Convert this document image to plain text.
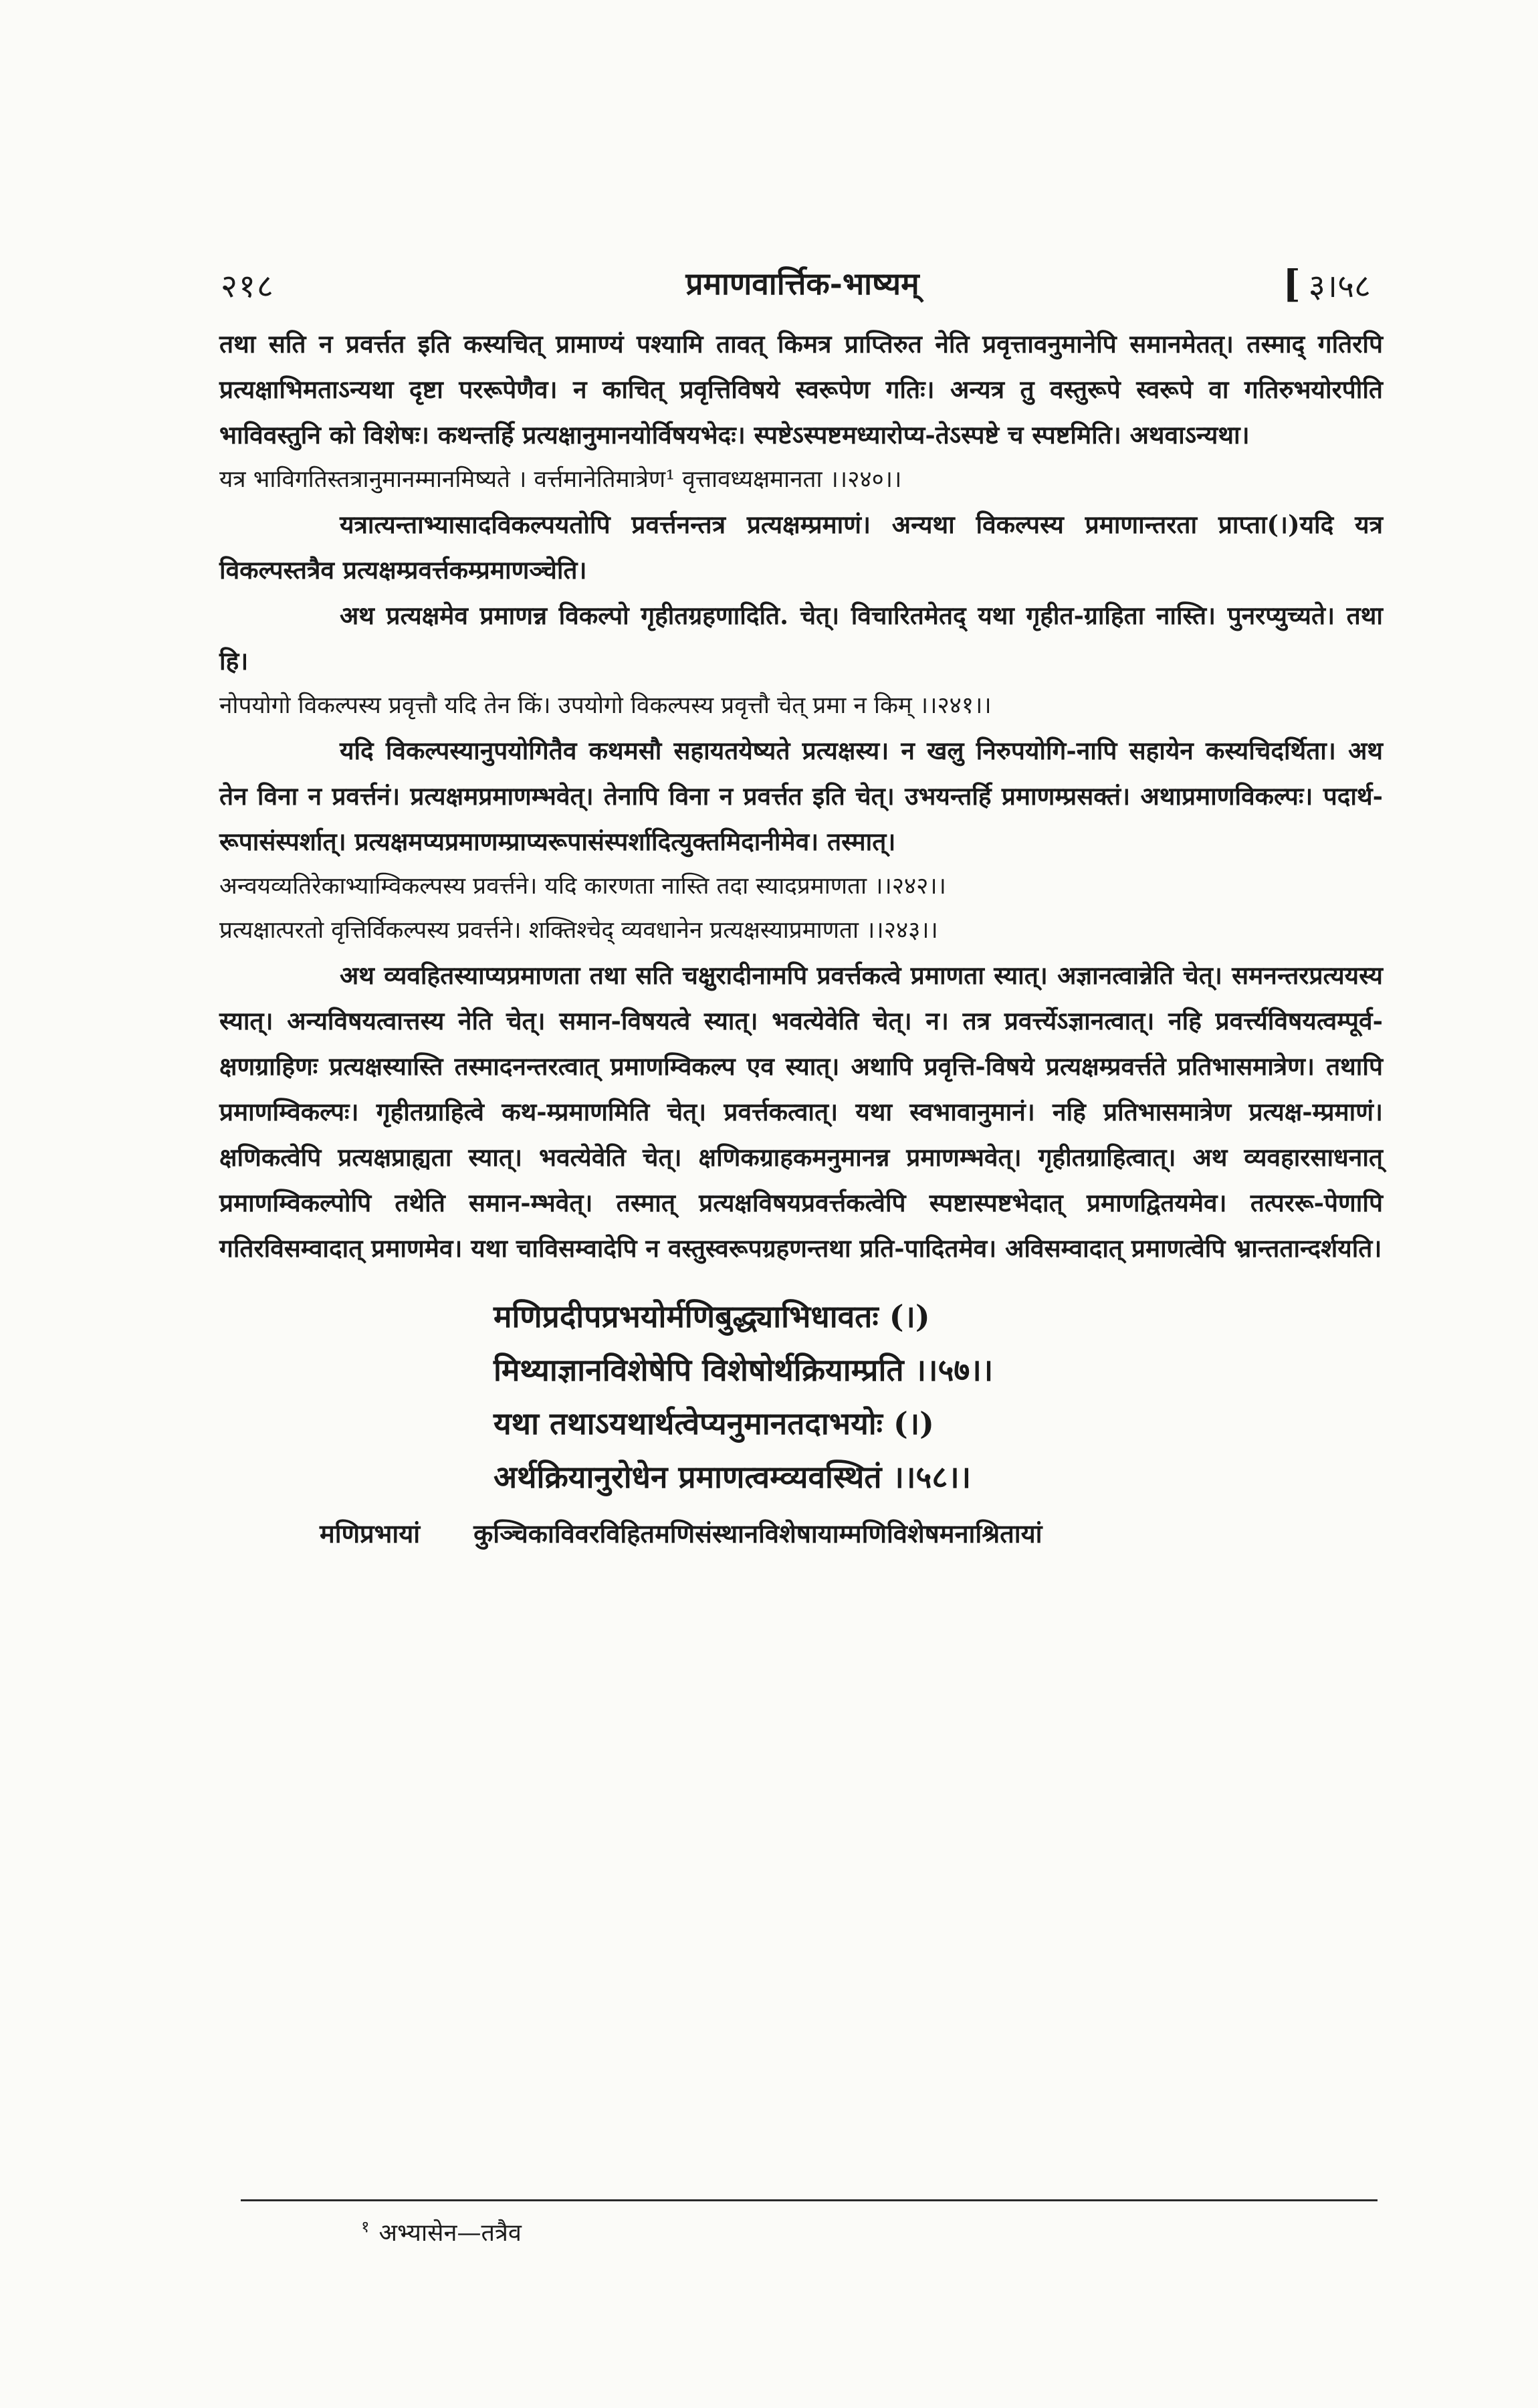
२१८	प्रमाणवार्त्तिक-भाष्यम्	[ ३।५८

तथा सति न प्रवर्त्तत इति कस्यचित् प्रामाण्यं पश्यामि तावत् किमत्र प्राप्तिरुत नेति प्रवृत्तावनुमानेपि समानमेतत्। तस्माद् गतिरपि प्रत्यक्षाभिमताऽन्यथा दृष्टा पररूपेणैव। न काचित् प्रवृत्तिविषये स्वरूपेण गतिः। अन्यत्र तु वस्तुरूपे स्वरूपे वा गतिरुभयोरपीति भाविवस्तुनि को विशेषः। कथन्तर्हि प्रत्यक्षानुमानयोर्विषयभेदः। स्पष्टेऽस्पष्टमध्यारोप्य-तेऽस्पष्टे च स्पष्टमिति। अथवाऽन्यथा।

यत्र भाविगतिस्तत्रानुमानम्मानमिष्यते । वर्त्तमानेतिमात्रेण¹ वृत्तावध्यक्षमानता ।।२४०।।

यत्रात्यन्ताभ्यासादविकल्पयतोपि प्रवर्त्तनन्तत्र प्रत्यक्षम्प्रमाणं। अन्यथा विकल्पस्य प्रमाणान्तरता प्राप्ता(।)यदि यत्र विकल्पस्तत्रैव प्रत्यक्षम्प्रवर्त्तकम्प्रमाणञ्चेति।

अथ प्रत्यक्षमेव प्रमाणन्न विकल्पो गृहीतग्रहणादिति. चेत्। विचारितमेतद् यथा गृहीत-ग्राहिता नास्ति। पुनरप्युच्यते। तथा हि।

नोपयोगो विकल्पस्य प्रवृत्तौ यदि तेन किं। उपयोगो विकल्पस्य प्रवृत्तौ चेत् प्रमा न किम् ।।२४१।।

यदि विकल्पस्यानुपयोगितैव कथमसौ सहायतयेष्यते प्रत्यक्षस्य। न खलु निरुपयोगि-नापि सहायेन कस्यचिदर्थिता। अथ तेन विना न प्रवर्त्तनं। प्रत्यक्षमप्रमाणम्भवेत्। तेनापि विना न प्रवर्त्तत इति चेत्। उभयन्तर्हि प्रमाणम्प्रसक्तं। अथाप्रमाणविकल्पः। पदार्थ-रूपासंस्पर्शात्। प्रत्यक्षमप्यप्रमाणम्प्राप्यरूपासंस्पर्शादित्युक्तमिदानीमेव। तस्मात्।

अन्वयव्यतिरेकाभ्याम्विकल्पस्य प्रवर्त्तने। यदि कारणता नास्ति तदा स्यादप्रमाणता ।।२४२।।

प्रत्यक्षात्परतो वृत्तिर्विकल्पस्य प्रवर्त्तने। शक्तिश्चेद् व्यवधानेन प्रत्यक्षस्याप्रमाणता ।।२४३।।

अथ व्यवहितस्याप्यप्रमाणता तथा सति चक्षुरादीनामपि प्रवर्त्तकत्वे प्रमाणता स्यात्। अज्ञानत्वान्नेति चेत्। समनन्तरप्रत्ययस्य स्यात्। अन्यविषयत्वात्तस्य नेति चेत्। समान-विषयत्वे स्यात्। भवत्येवेति चेत्। न। तत्र प्रवर्त्त्येऽज्ञानत्वात्। नहि प्रवर्त्त्यविषयत्वम्पूर्व-क्षणग्राहिणः प्रत्यक्षस्यास्ति तस्मादनन्तरत्वात् प्रमाणम्विकल्प एव स्यात्। अथापि प्रवृत्ति-विषये प्रत्यक्षम्प्रवर्त्तते प्रतिभासमात्रेण। तथापि प्रमाणम्विकल्पः। गृहीतग्राहित्वे कथ-म्प्रमाणमिति चेत्। प्रवर्त्तकत्वात्। यथा स्वभावानुमानं। नहि प्रतिभासमात्रेण प्रत्यक्ष-म्प्रमाणं। क्षणिकत्वेपि प्रत्यक्षप्राह्यता स्यात्। भवत्येवेति चेत्। क्षणिकग्राहकमनुमानन्न प्रमाणम्भवेत्। गृहीतग्राहित्वात्। अथ व्यवहारसाधनात् प्रमाणम्विकल्पोपि तथेति समान-म्भवेत्। तस्मात् प्रत्यक्षविषयप्रवर्त्तकत्वेपि स्पष्टास्पष्टभेदात् प्रमाणद्वितयमेव। तत्पररू-पेणापि गतिरविसम्वादात् प्रमाणमेव। यथा चाविसम्वादेपि न वस्तुस्वरूपग्रहणन्तथा प्रति-पादितमेव। अविसम्वादात् प्रमाणत्वेपि भ्रान्ततान्दर्शयति।

मणिप्रदीपप्रभयोर्मणिबुद्ध्याभिधावतः (।)
मिथ्याज्ञानविशेषेपि विशेषोर्थक्रियाम्प्रति ।।५७।।
यथा तथाऽयथार्थत्वेप्यनुमानतदाभयोः (।)
अर्थक्रियानुरोधेन प्रमाणत्वम्व्यवस्थितं ।।५८।।
मणिप्रभायां कुञ्चिकाविवरविहितमणिसंस्थानविशेषायाम्मणिविशेषमनाश्रितायां
$^१$ अभ्यासेन—तत्रैव
